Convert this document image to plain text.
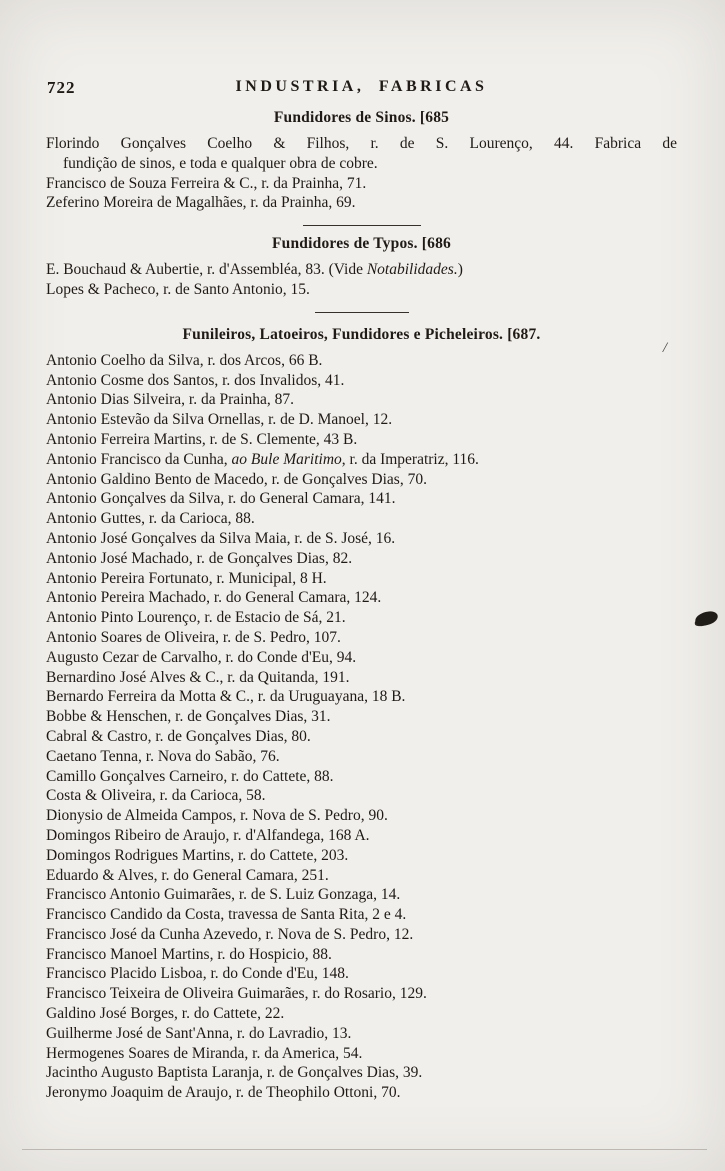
722	INDUSTRIA, FABRICAS
Fundidores de Sinos. [685
Florindo Gonçalves Coelho & Filhos, r. de S. Lourenço, 44. Fabrica de
fundição de sinos, e toda e qualquer obra de cobre.
Francisco de Souza Ferreira & C., r. da Prainha, 71.
Zeferino Moreira de Magalhães, r. da Prainha, 69.
Fundidores de Typos. [686
E. Bouchaud & Aubertie, r. d'Assembléa, 83. (Vide Notabilidades.)
Lopes & Pacheco, r. de Santo Antonio, 15.
Funileiros, Latoeiros, Fundidores e Picheleiros. [687.
Antonio Coelho da Silva, r. dos Arcos, 66 B.
Antonio Cosme dos Santos, r. dos Invalidos, 41.
Antonio Dias Silveira, r. da Prainha, 87.
Antonio Estevão da Silva Ornellas, r. de D. Manoel, 12.
Antonio Ferreira Martins, r. de S. Clemente, 43 B.
Antonio Francisco da Cunha, ao Bule Maritimo, r. da Imperatriz, 116.
Antonio Galdino Bento de Macedo, r. de Gonçalves Dias, 70.
Antonio Gonçalves da Silva, r. do General Camara, 141.
Antonio Guttes, r. da Carioca, 88.
Antonio José Gonçalves da Silva Maia, r. de S. José, 16.
Antonio José Machado, r. de Gonçalves Dias, 82.
Antonio Pereira Fortunato, r. Municipal, 8 H.
Antonio Pereira Machado, r. do General Camara, 124.
Antonio Pinto Lourenço, r. de Estacio de Sá, 21.
Antonio Soares de Oliveira, r. de S. Pedro, 107.
Augusto Cezar de Carvalho, r. do Conde d'Eu, 94.
Bernardino José Alves & C., r. da Quitanda, 191.
Bernardo Ferreira da Motta & C., r. da Uruguayana, 18 B.
Bobbe & Henschen, r. de Gonçalves Dias, 31.
Cabral & Castro, r. de Gonçalves Dias, 80.
Caetano Tenna, r. Nova do Sabão, 76.
Camillo Gonçalves Carneiro, r. do Cattete, 88.
Costa & Oliveira, r. da Carioca, 58.
Dionysio de Almeida Campos, r. Nova de S. Pedro, 90.
Domingos Ribeiro de Araujo, r. d'Alfandega, 168 A.
Domingos Rodrigues Martins, r. do Cattete, 203.
Eduardo & Alves, r. do General Camara, 251.
Francisco Antonio Guimarães, r. de S. Luiz Gonzaga, 14.
Francisco Candido da Costa, travessa de Santa Rita, 2 e 4.
Francisco José da Cunha Azevedo, r. Nova de S. Pedro, 12.
Francisco Manoel Martins, r. do Hospicio, 88.
Francisco Placido Lisboa, r. do Conde d'Eu, 148.
Francisco Teixeira de Oliveira Guimarães, r. do Rosario, 129.
Galdino José Borges, r. do Cattete, 22.
Guilherme José de Sant'Anna, r. do Lavradio, 13.
Hermogenes Soares de Miranda, r. da America, 54.
Jacintho Augusto Baptista Laranja, r. de Gonçalves Dias, 39.
Jeronymo Joaquim de Araujo, r. de Theophilo Ottoni, 70.
/
